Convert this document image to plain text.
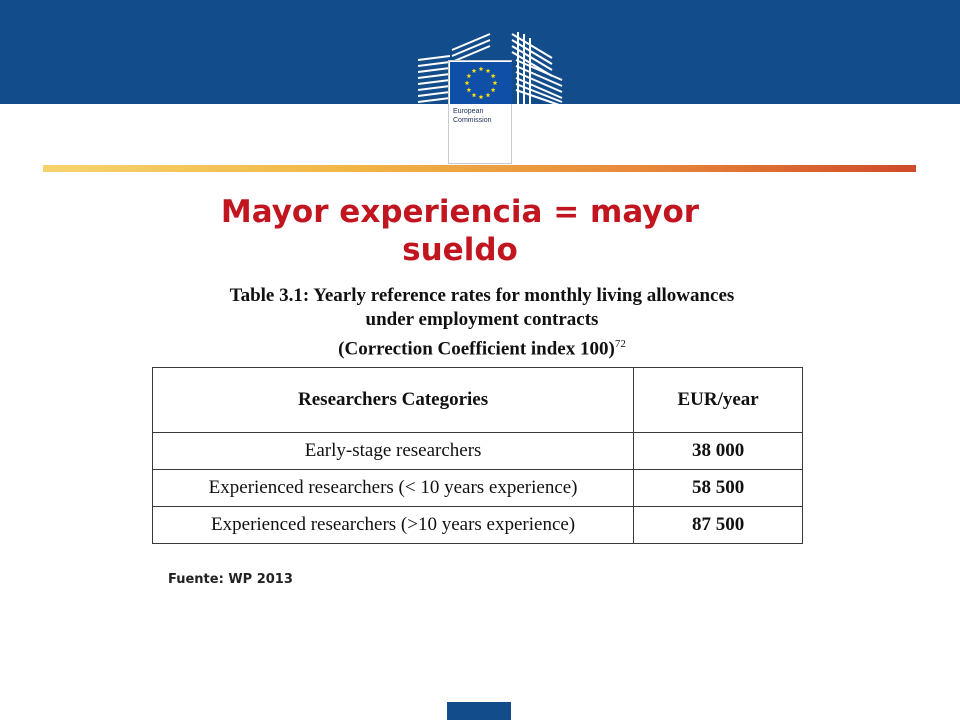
European
Commission
Mayor experiencia = mayor sueldo
Table 3.1: Yearly reference rates for monthly living allowances
under employment contracts
(Correction Coefficient index 100)$^{72}$
Researchers Categories	EUR/year
Early-stage researchers	38 000
Experienced researchers (< 10 years experience)	58 500
Experienced researchers (>10 years experience)	87 500
Fuente: WP 2013
